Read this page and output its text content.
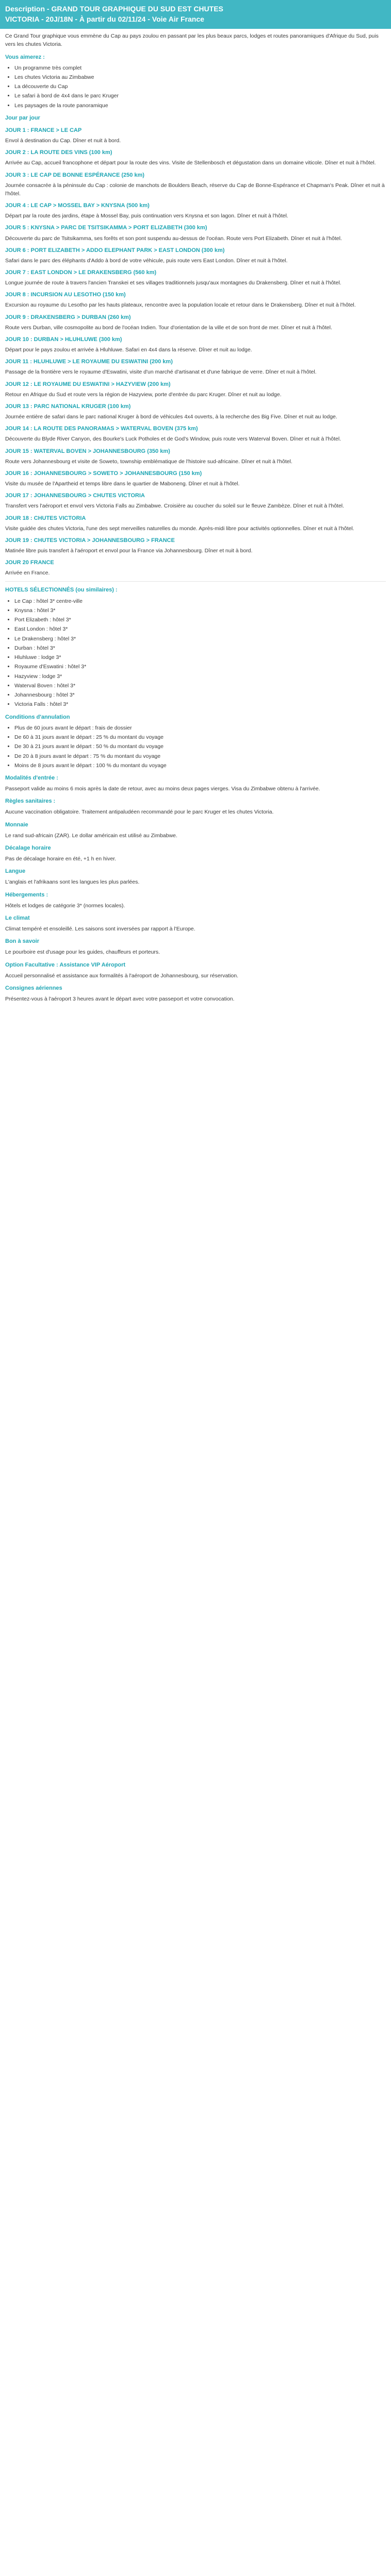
Description - GRAND TOUR GRAPHIQUE DU SUD EST CHUTES
VICTORIA - 20J/18N - À partir du 02/11/24 - Voie Air France

Ce Grand Tour graphique vous emmène du Cap au pays zoulou en passant par les plus beaux parcs, lodges et routes panoramiques d'Afrique du Sud, puis vers les chutes Victoria.

Vous aimerez :
• Un programme très complet
• Les chutes Victoria au Zimbabwe
• La découverte du Cap
• Le safari à bord de 4x4 dans le parc Kruger
• Les paysages de la route panoramique
Jour par jour
JOUR 1 : FRANCE > LE CAP

Envol à destination du Cap. Dîner et nuit à bord.

JOUR 2 : LA ROUTE DES VINS (100 km)

Arrivée au Cap, accueil francophone et départ pour la route des vins. Visite de Stellenbosch et dégustation dans un domaine viticole. Dîner et nuit à l'hôtel.

JOUR 3 : LE CAP DE BONNE ESPÉRANCE (250 km)

Journée consacrée à la péninsule du Cap : colonie de manchots de Boulders Beach, réserve du Cap de Bonne-Espérance et Chapman's Peak. Dîner et nuit à l'hôtel.

JOUR 4 : LE CAP > MOSSEL BAY > KNYSNA (500 km)

Départ par la route des jardins, étape à Mossel Bay, puis continuation vers Knysna et son lagon. Dîner et nuit à l'hôtel.

JOUR 5 : KNYSNA > PARC DE TSITSIKAMMA > PORT ELIZABETH (300 km)

Découverte du parc de Tsitsikamma, ses forêts et son pont suspendu au-dessus de l'océan. Route vers Port Elizabeth. Dîner et nuit à l'hôtel.

JOUR 6 : PORT ELIZABETH > ADDO ELEPHANT PARK > EAST LONDON (300 km)

Safari dans le parc des éléphants d'Addo à bord de votre véhicule, puis route vers East London. Dîner et nuit à l'hôtel.

JOUR 7 : EAST LONDON > LE DRAKENSBERG (560 km)

Longue journée de route à travers l'ancien Transkei et ses villages traditionnels jusqu'aux montagnes du Drakensberg. Dîner et nuit à l'hôtel.

JOUR 8 : INCURSION AU LESOTHO (150 km)

Excursion au royaume du Lesotho par les hauts plateaux, rencontre avec la population locale et retour dans le Drakensberg. Dîner et nuit à l'hôtel.

JOUR 9 : DRAKENSBERG > DURBAN (260 km)

Route vers Durban, ville cosmopolite au bord de l'océan Indien. Tour d'orientation de la ville et de son front de mer. Dîner et nuit à l'hôtel.

JOUR 10 : DURBAN > HLUHLUWE (300 km)

Départ pour le pays zoulou et arrivée à Hluhluwe. Safari en 4x4 dans la réserve. Dîner et nuit au lodge.

JOUR 11 : HLUHLUWE > LE ROYAUME DU ESWATINI (200 km)

Passage de la frontière vers le royaume d'Eswatini, visite d'un marché d'artisanat et d'une fabrique de verre. Dîner et nuit à l'hôtel.

JOUR 12 : LE ROYAUME DU ESWATINI > HAZYVIEW (200 km)

Retour en Afrique du Sud et route vers la région de Hazyview, porte d'entrée du parc Kruger. Dîner et nuit au lodge.

JOUR 13 : PARC NATIONAL KRUGER (100 km)

Journée entière de safari dans le parc national Kruger à bord de véhicules 4x4 ouverts, à la recherche des Big Five. Dîner et nuit au lodge.

JOUR 14 : LA ROUTE DES PANORAMAS > WATERVAL BOVEN (375 km)

Découverte du Blyde River Canyon, des Bourke's Luck Potholes et de God's Window, puis route vers Waterval Boven. Dîner et nuit à l'hôtel.

JOUR 15 : WATERVAL BOVEN > JOHANNESBOURG (350 km)

Route vers Johannesbourg et visite de Soweto, township emblématique de l'histoire sud-africaine. Dîner et nuit à l'hôtel.

JOUR 16 : JOHANNESBOURG > SOWETO > JOHANNESBOURG (150 km)

Visite du musée de l'Apartheid et temps libre dans le quartier de Maboneng. Dîner et nuit à l'hôtel.

JOUR 17 : JOHANNESBOURG > CHUTES VICTORIA

Transfert vers l'aéroport et envol vers Victoria Falls au Zimbabwe. Croisière au coucher du soleil sur le fleuve Zambèze. Dîner et nuit à l'hôtel.

JOUR 18 : CHUTES VICTORIA

Visite guidée des chutes Victoria, l'une des sept merveilles naturelles du monde. Après-midi libre pour activités optionnelles. Dîner et nuit à l'hôtel.

JOUR 19 : CHUTES VICTORIA > JOHANNESBOURG > FRANCE

Matinée libre puis transfert à l'aéroport et envol pour la France via Johannesbourg. Dîner et nuit à bord.

JOUR 20 FRANCE

Arrivée en France.

HOTELS SÉLECTIONNÉS (ou similaires) :
• Le Cap : hôtel 3* centre-ville
• Knysna : hôtel 3*
• Port Elizabeth : hôtel 3*
• East London : hôtel 3*
• Le Drakensberg : hôtel 3*
• Durban : hôtel 3*
• Hluhluwe : lodge 3*
• Royaume d'Eswatini : hôtel 3*
• Hazyview : lodge 3*
• Waterval Boven : hôtel 3*
• Johannesbourg : hôtel 3*
• Victoria Falls : hôtel 3*
Conditions d'annulation
• Plus de 60 jours avant le départ : frais de dossier
• De 60 à 31 jours avant le départ : 25 % du montant du voyage
• De 30 à 21 jours avant le départ : 50 % du montant du voyage
• De 20 à 8 jours avant le départ : 75 % du montant du voyage
• Moins de 8 jours avant le départ : 100 % du montant du voyage
Modalités d'entrée :

Passeport valide au moins 6 mois après la date de retour, avec au moins deux pages vierges. Visa du Zimbabwe obtenu à l'arrivée.

Règles sanitaires :

Aucune vaccination obligatoire. Traitement antipaludéen recommandé pour le parc Kruger et les chutes Victoria.

Monnaie

Le rand sud-africain (ZAR). Le dollar américain est utilisé au Zimbabwe.

Décalage horaire

Pas de décalage horaire en été, +1 h en hiver.

Langue

L'anglais et l'afrikaans sont les langues les plus parlées.

Hébergements :

Hôtels et lodges de catégorie 3* (normes locales).

Le climat

Climat tempéré et ensoleillé. Les saisons sont inversées par rapport à l'Europe.

Bon à savoir

Le pourboire est d'usage pour les guides, chauffeurs et porteurs.

Option Facultative : Assistance VIP Aéroport

Accueil personnalisé et assistance aux formalités à l'aéroport de Johannesbourg, sur réservation.

Consignes aériennes

Présentez-vous à l'aéroport 3 heures avant le départ avec votre passeport et votre convocation.
